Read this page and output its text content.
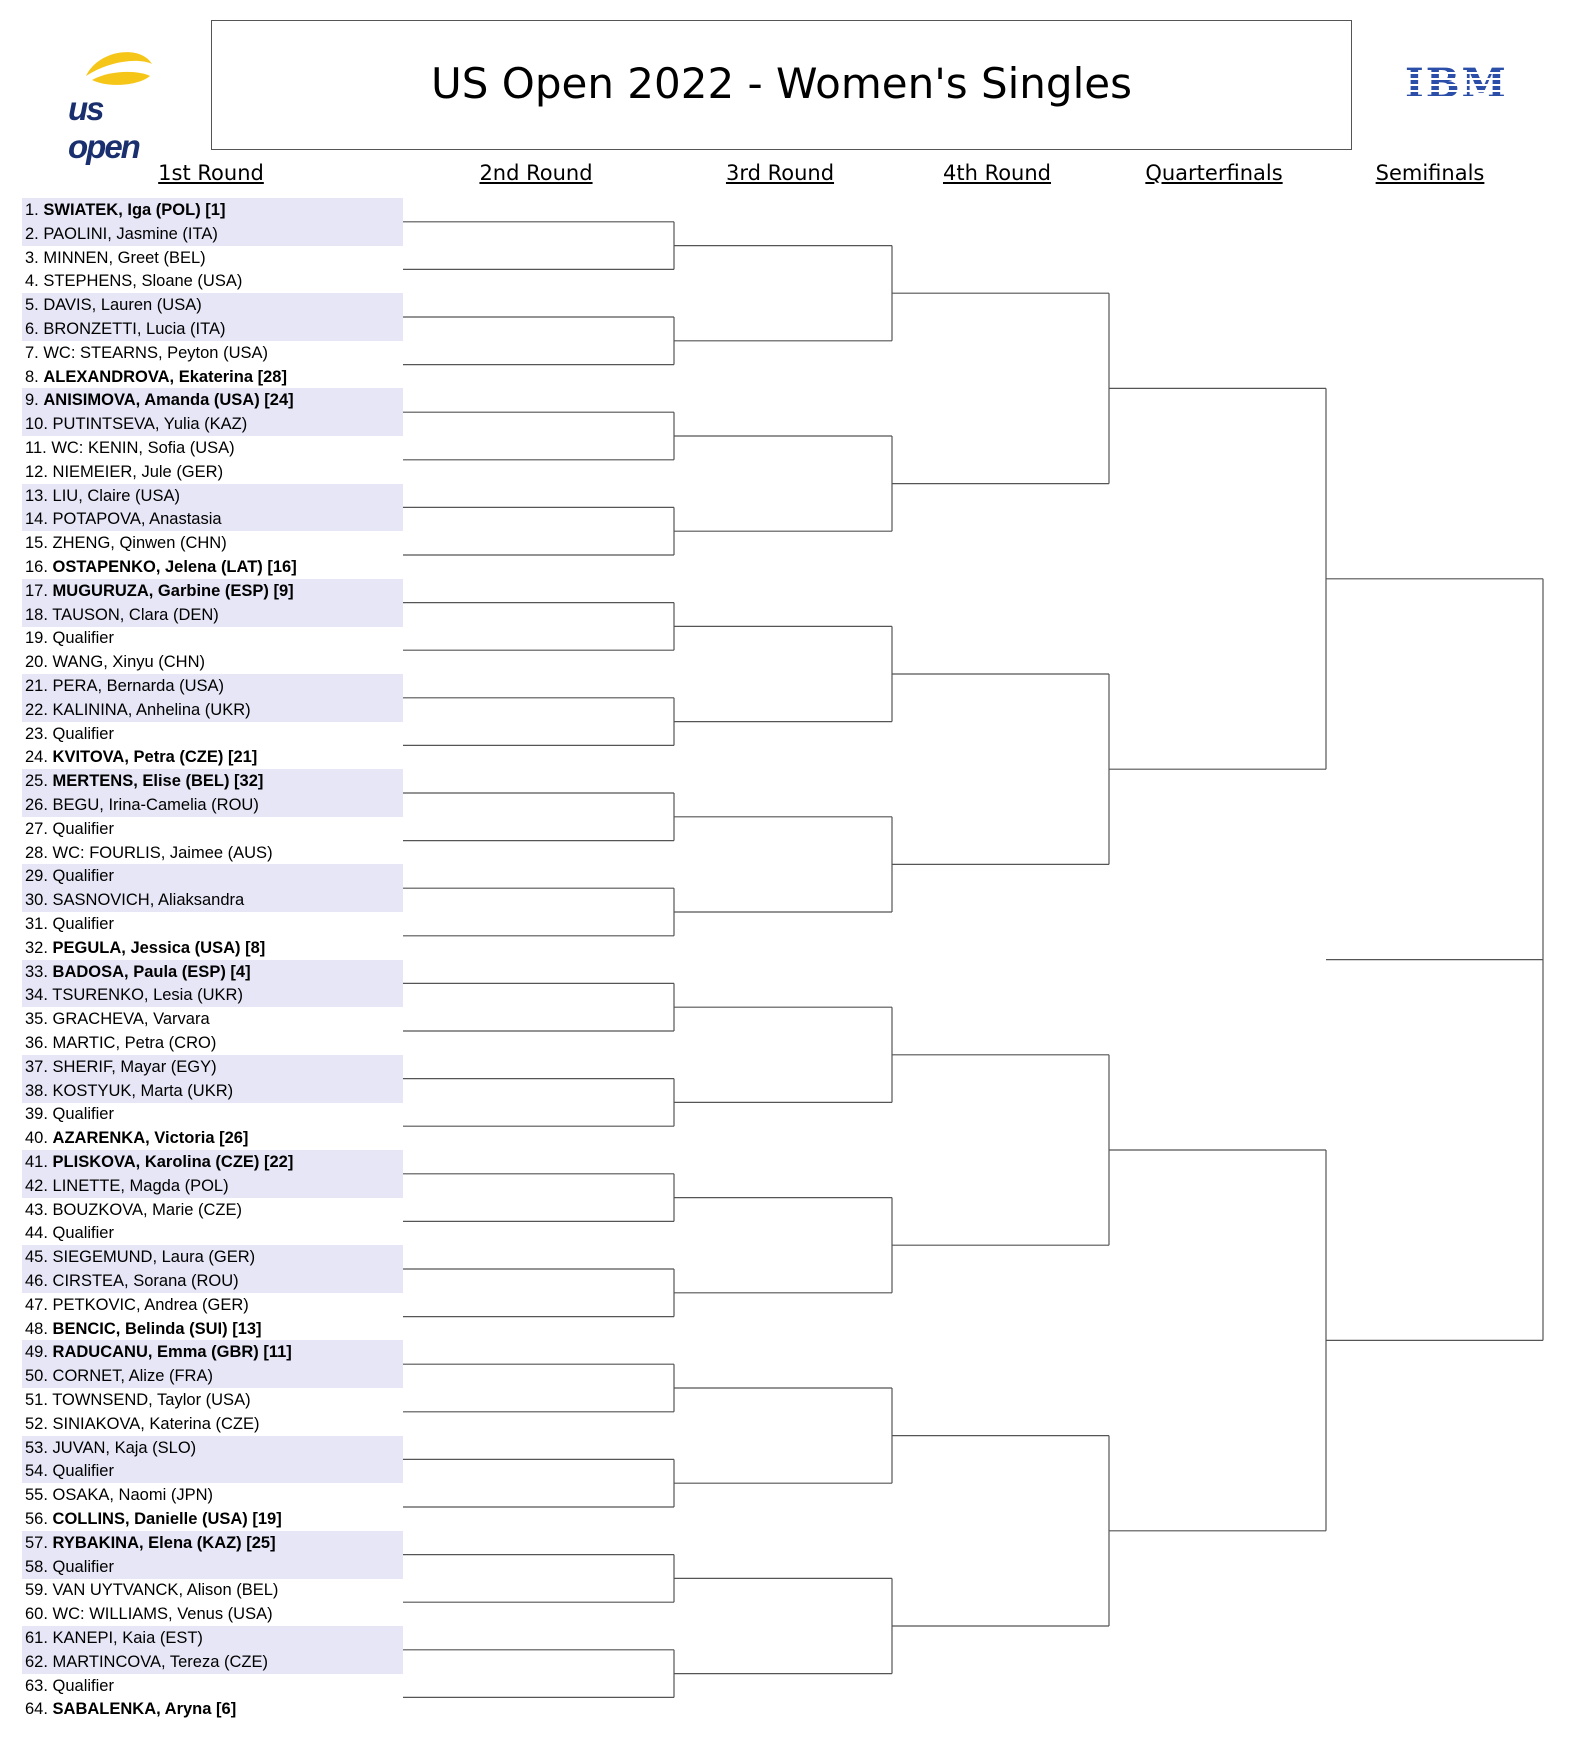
us open
US Open 2022 - Women's Singles
1st Round	2nd Round	3rd Round	4th Round	Quarterfinals	Semifinals
1. SWIATEK, Iga (POL) [1]
2. PAOLINI, Jasmine (ITA)
3. MINNEN, Greet (BEL)
4. STEPHENS, Sloane (USA)
5. DAVIS, Lauren (USA)
6. BRONZETTI, Lucia (ITA)
7. WC: STEARNS, Peyton (USA)
8. ALEXANDROVA, Ekaterina [28]
9. ANISIMOVA, Amanda (USA) [24]
10. PUTINTSEVA, Yulia (KAZ)
11. WC: KENIN, Sofia (USA)
12. NIEMEIER, Jule (GER)
13. LIU, Claire (USA)
14. POTAPOVA, Anastasia
15. ZHENG, Qinwen (CHN)
16. OSTAPENKO, Jelena (LAT) [16]
17. MUGURUZA, Garbine (ESP) [9]
18. TAUSON, Clara (DEN)
19. Qualifier
20. WANG, Xinyu (CHN)
21. PERA, Bernarda (USA)
22. KALININA, Anhelina (UKR)
23. Qualifier
24. KVITOVA, Petra (CZE) [21]
25. MERTENS, Elise (BEL) [32]
26. BEGU, Irina-Camelia (ROU)
27. Qualifier
28. WC: FOURLIS, Jaimee (AUS)
29. Qualifier
30. SASNOVICH, Aliaksandra
31. Qualifier
32. PEGULA, Jessica (USA) [8]
33. BADOSA, Paula (ESP) [4]
34. TSURENKO, Lesia (UKR)
35. GRACHEVA, Varvara
36. MARTIC, Petra (CRO)
37. SHERIF, Mayar (EGY)
38. KOSTYUK, Marta (UKR)
39. Qualifier
40. AZARENKA, Victoria [26]
41. PLISKOVA, Karolina (CZE) [22]
42. LINETTE, Magda (POL)
43. BOUZKOVA, Marie (CZE)
44. Qualifier
45. SIEGEMUND, Laura (GER)
46. CIRSTEA, Sorana (ROU)
47. PETKOVIC, Andrea (GER)
48. BENCIC, Belinda (SUI) [13]
49. RADUCANU, Emma (GBR) [11]
50. CORNET, Alize (FRA)
51. TOWNSEND, Taylor (USA)
52. SINIAKOVA, Katerina (CZE)
53. JUVAN, Kaja (SLO)
54. Qualifier
55. OSAKA, Naomi (JPN)
56. COLLINS, Danielle (USA) [19]
57. RYBAKINA, Elena (KAZ) [25]
58. Qualifier
59. VAN UYTVANCK, Alison (BEL)
60. WC: WILLIAMS, Venus (USA)
61. KANEPI, Kaia (EST)
62. MARTINCOVA, Tereza (CZE)
63. Qualifier
64. SABALENKA, Aryna [6]
